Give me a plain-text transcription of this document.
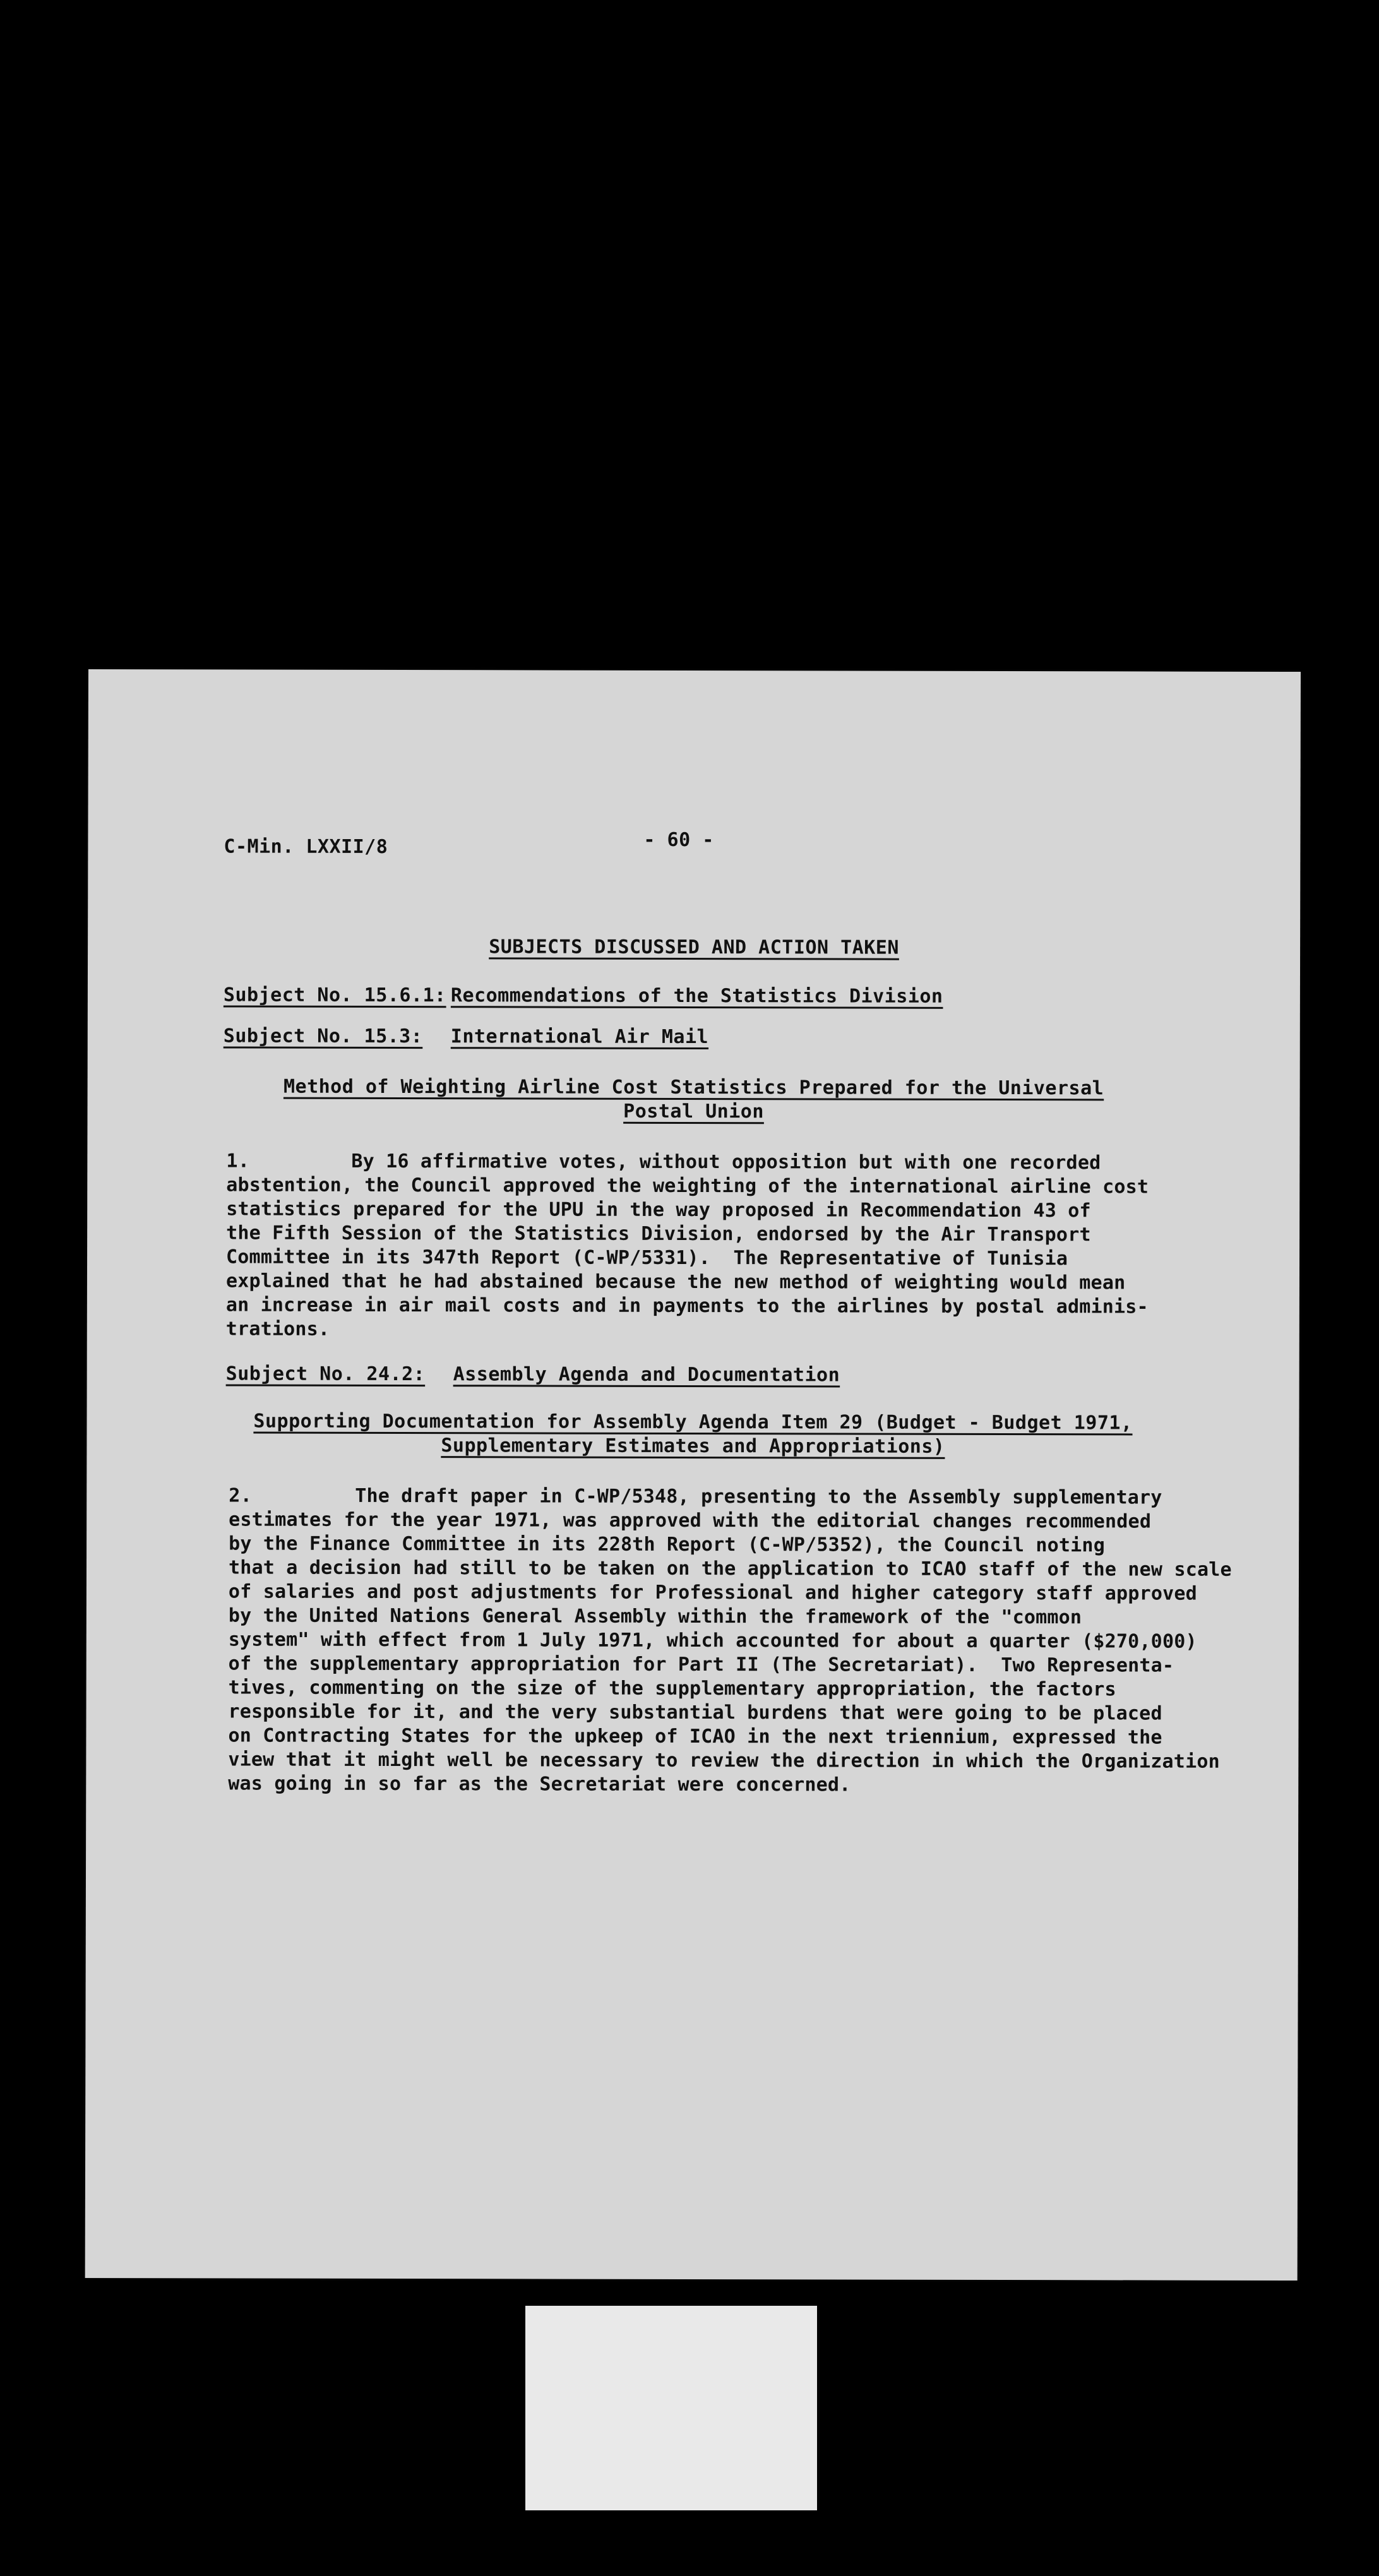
C-Min. LXXII/8	- 60 -
SUBJECTS DISCUSSED AND ACTION TAKEN
Subject No. 15.6.1: Recommendations of the Statistics Division
Subject No. 15.3: International Air Mail
Method of Weighting Airline Cost Statistics Prepared for the Universal
Postal Union
1.	By 16 affirmative votes, without opposition but with one recorded
abstention, the Council approved the weighting of the international airline cost
statistics prepared for the UPU in the way proposed in Recommendation 43 of
the Fifth Session of the Statistics Division, endorsed by the Air Transport
Committee in its 347th Report (C-WP/5331).  The Representative of Tunisia
explained that he had abstained because the new method of weighting would mean
an increase in air mail costs and in payments to the airlines by postal adminis-
trations.
Subject No. 24.2: Assembly Agenda and Documentation
Supporting Documentation for Assembly Agenda Item 29 (Budget - Budget 1971,
Supplementary Estimates and Appropriations)
2.	The draft paper in C-WP/5348, presenting to the Assembly supplementary
estimates for the year 1971, was approved with the editorial changes recommended
by the Finance Committee in its 228th Report (C-WP/5352), the Council noting
that a decision had still to be taken on the application to ICAO staff of the new scale
of salaries and post adjustments for Professional and higher category staff approved
by the United Nations General Assembly within the framework of the "common
system" with effect from 1 July 1971, which accounted for about a quarter ($270,000)
of the supplementary appropriation for Part II (The Secretariat).  Two Representa-
tives, commenting on the size of the supplementary appropriation, the factors
responsible for it, and the very substantial burdens that were going to be placed
on Contracting States for the upkeep of ICAO in the next triennium, expressed the
view that it might well be necessary to review the direction in which the Organization
was going in so far as the Secretariat were concerned.
